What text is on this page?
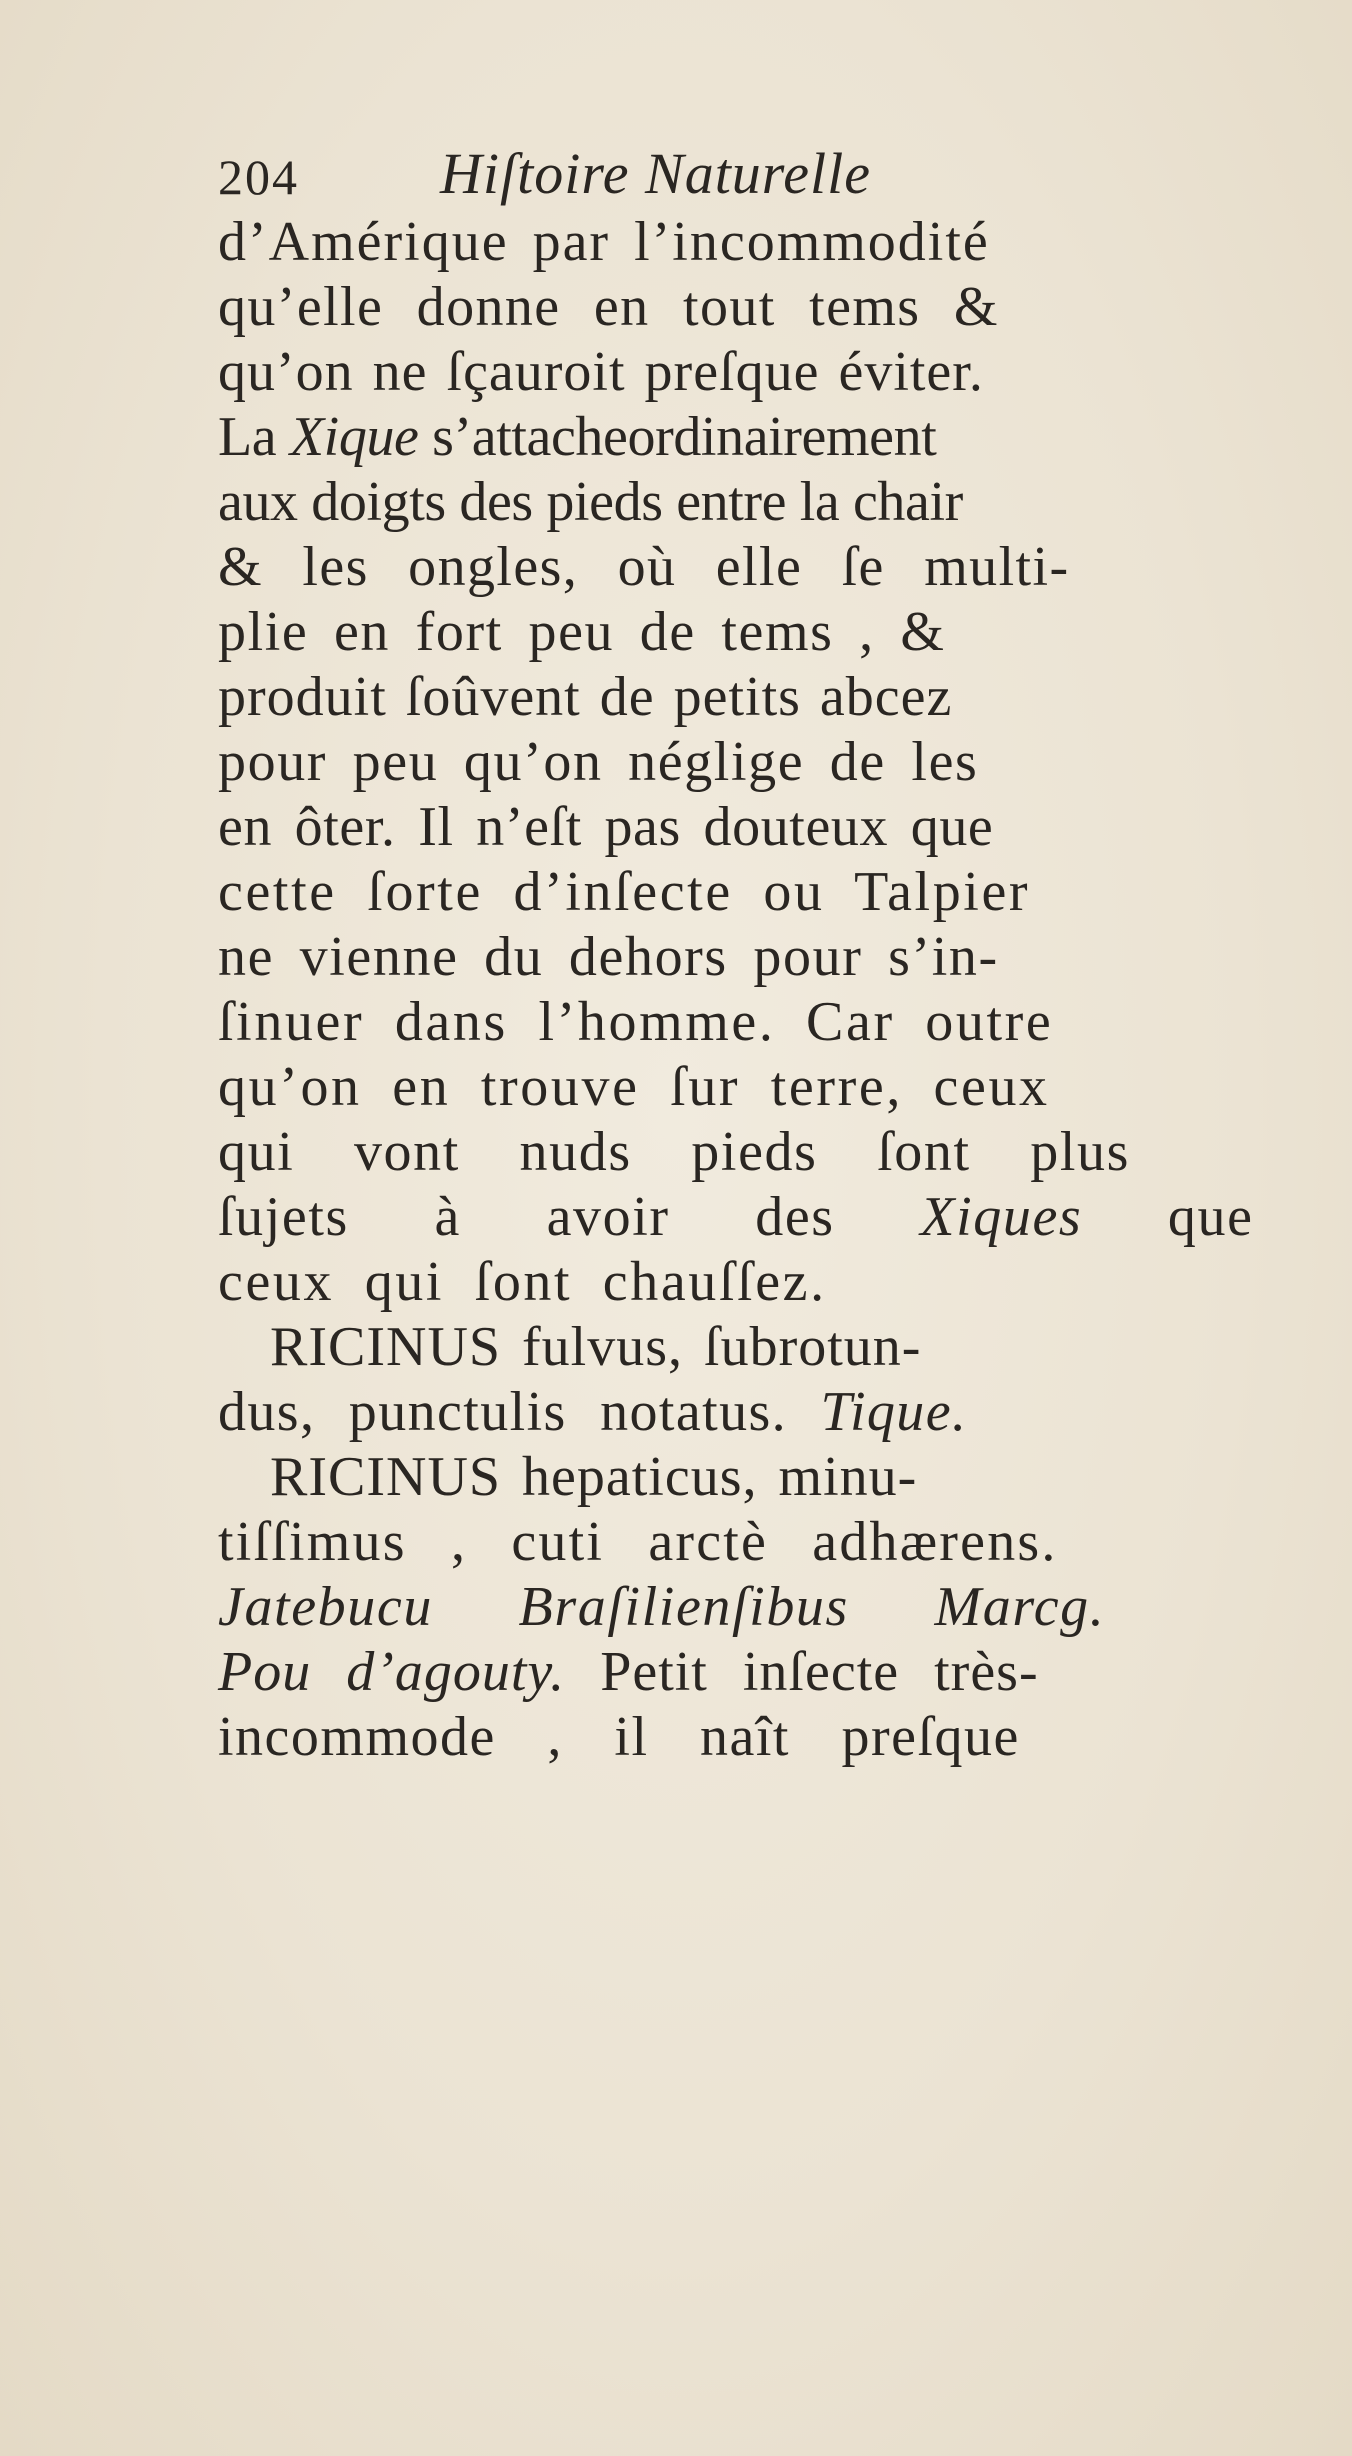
204 Hiſtoire Naturelle
d’Amérique par l’incommodité
qu’elle donne en tout tems &
qu’on ne ſçauroit preſque éviter.
La Xique s’attacheordinairement
aux doigts des pieds entre la chair
& les ongles, où elle ſe multi-
plie en fort peu de tems , &
produit ſoûvent de petits abcez
pour peu qu’on néglige de les
en ôter. Il n’eſt pas douteux que
cette ſorte d’inſecte ou Talpier
ne vienne du dehors pour s’in-
ſinuer dans l’homme. Car outre
qu’on en trouve ſur terre, ceux
qui vont nuds pieds ſont plus
ſujets à avoir des Xiques que
ceux qui ſont chauſſez.
RICINUS fulvus, ſubrotun-
dus, punctulis notatus. Tique.
RICINUS hepaticus, minu-
tiſſimus , cuti arctè adhærens.
Jatebucu Braſilienſibus Marcg.
Pou d’agouty. Petit inſecte très-
incommode , il naît preſque
